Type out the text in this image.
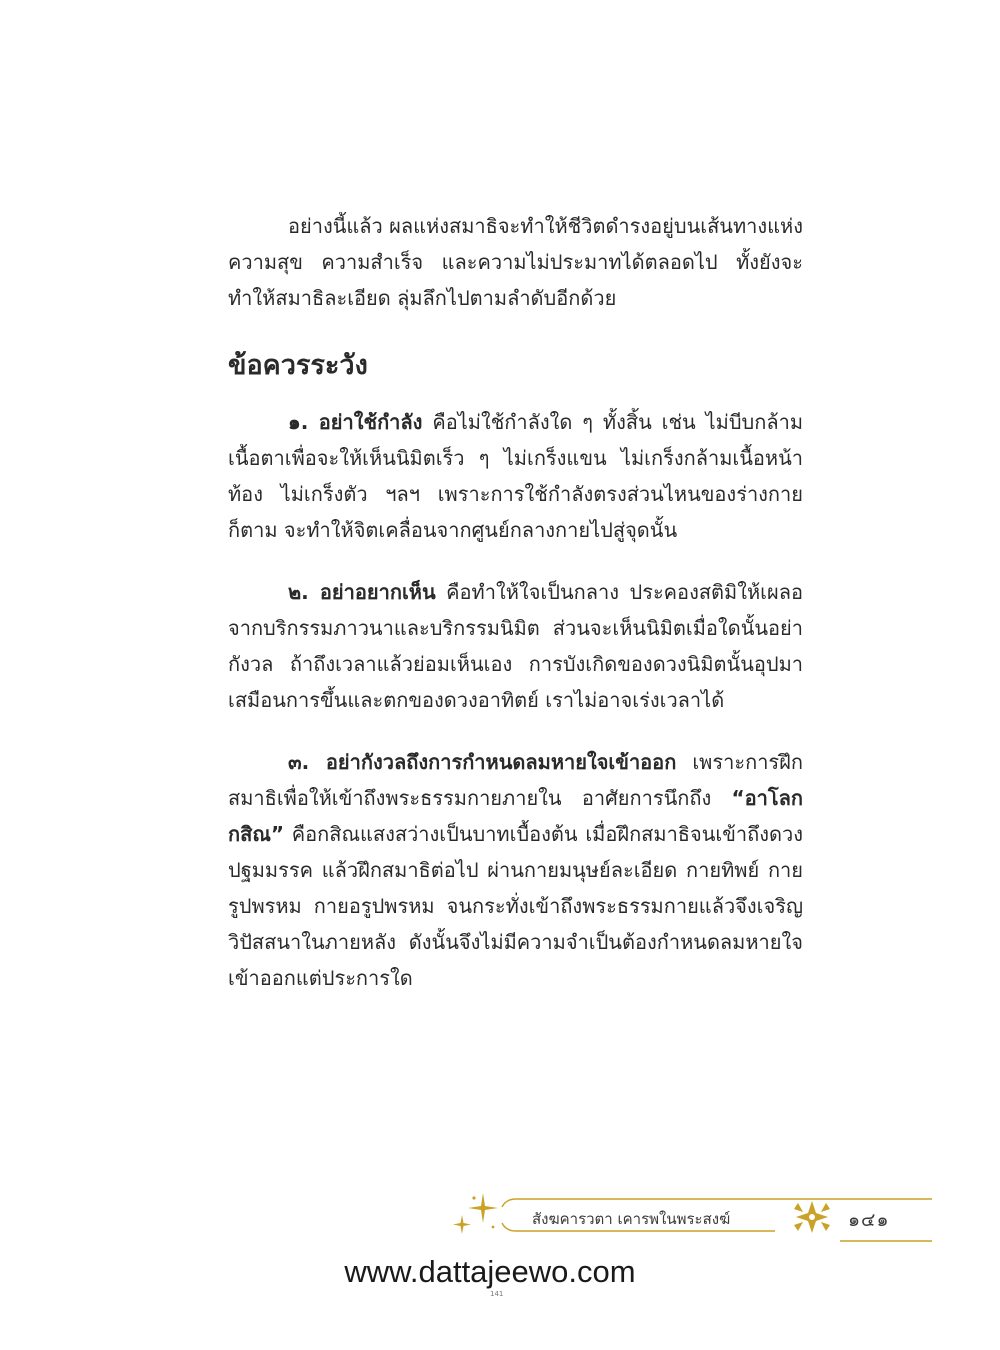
อย่างนี้แล้ว ผลแห่งสมาธิจะทำให้ชีวิตดำรงอยู่บนเส้นทางแห่งความสุข ความสำเร็จ และความไม่ประมาทได้ตลอดไป ทั้งยังจะทำให้สมาธิละเอียด ลุ่มลึกไปตามลำดับอีกด้วย

ข้อควรระวัง

๑. อย่าใช้กำลัง คือไม่ใช้กำลังใด ๆ ทั้งสิ้น เช่น ไม่บีบกล้ามเนื้อตาเพื่อจะให้เห็นนิมิตเร็ว ๆ ไม่เกร็งแขน ไม่เกร็งกล้ามเนื้อหน้าท้อง ไม่เกร็งตัว ฯลฯ เพราะการใช้กำลังตรงส่วนไหนของร่างกายก็ตาม จะทำให้จิตเคลื่อนจากศูนย์กลางกายไปสู่จุดนั้น

๒. อย่าอยากเห็น คือทำให้ใจเป็นกลาง ประคองสติมิให้เผลอจากบริกรรมภาวนาและบริกรรมนิมิต ส่วนจะเห็นนิมิตเมื่อใดนั้นอย่ากังวล ถ้าถึงเวลาแล้วย่อมเห็นเอง การบังเกิดของดวงนิมิตนั้นอุปมาเสมือนการขึ้นและตกของดวงอาทิตย์ เราไม่อาจเร่งเวลาได้

๓. อย่ากังวลถึงการกำหนดลมหายใจเข้าออก เพราะการฝึกสมาธิเพื่อให้เข้าถึงพระธรรมกายภายใน อาศัยการนึกถึง “อาโลกกสิณ” คือกสิณแสงสว่างเป็นบาทเบื้องต้น เมื่อฝึกสมาธิจนเข้าถึงดวงปฐมมรรค แล้วฝึกสมาธิต่อไป ผ่านกายมนุษย์ละเอียด กายทิพย์ กายรูปพรหม กายอรูปพรหม จนกระทั่งเข้าถึงพระธรรมกายแล้วจึงเจริญวิปัสสนาในภายหลัง ดังนั้นจึงไม่มีความจำเป็นต้องกำหนดลมหายใจเข้าออกแต่ประการใด

สังฆคารวตา เคารพในพระสงฆ์	๑๔๑
www.dattajeewo.com
141
